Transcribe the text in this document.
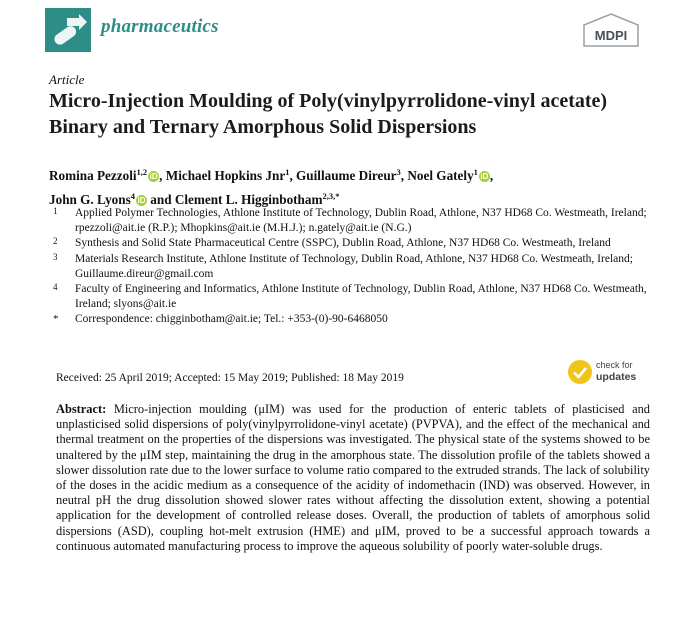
pharmaceutics	MDPI
Article
Micro-Injection Moulding of Poly(vinylpyrrolidone-vinyl acetate) Binary and Ternary Amorphous Solid Dispersions
Romina Pezzoli$^{1,2}$ iD , Michael Hopkins Jnr$^1$, Guillaume Direur$^3$, Noel Gately$^1$ iD ,
John G. Lyons$^4$ iD and Clement L. Higginbotham$^{2,3,*}$
1 Applied Polymer Technologies, Athlone Institute of Technology, Dublin Road, Athlone, N37 HD68 Co. Westmeath, Ireland; rpezzoli@ait.ie (R.P.); Mhopkins@ait.ie (M.H.J.); n.gately@ait.ie (N.G.)
2 Synthesis and Solid State Pharmaceutical Centre (SSPC), Dublin Road, Athlone, N37 HD68 Co. Westmeath, Ireland
3 Materials Research Institute, Athlone Institute of Technology, Dublin Road, Athlone, N37 HD68 Co. Westmeath, Ireland; Guillaume.direur@gmail.com
4 Faculty of Engineering and Informatics, Athlone Institute of Technology, Dublin Road, Athlone, N37 HD68 Co. Westmeath, Ireland; slyons@ait.ie
* Correspondence: chigginbotham@ait.ie; Tel.: +353-(0)-90-6468050
Received: 25 April 2019; Accepted: 15 May 2019; Published: 18 May 2019
check for
updates
Abstract: Micro-injection moulding (μIM) was used for the production of enteric tablets of plasticised and unplasticised solid dispersions of poly(vinylpyrrolidone-vinyl acetate) (PVPVA), and the effect of the mechanical and thermal treatment on the properties of the dispersions was investigated. The physical state of the systems showed to be unaltered by the μIM step, maintaining the drug in the amorphous state. The dissolution profile of the tablets showed a slower dissolution rate due to the lower surface to volume ratio compared to the extruded strands. The lack of solubility of the doses in the acidic medium as a consequence of the acidity of indomethacin (IND) was observed. However, in neutral pH the drug dissolution showed slower rates without affecting the dissolution extent, showing a potential application for the development of controlled release doses. Overall, the production of tablets of amorphous solid dispersions (ASD), coupling hot-melt extrusion (HME) and μIM, proved to be a successful approach towards a continuous automated manufacturing process to improve the aqueous solubility of poorly water-soluble drugs.
